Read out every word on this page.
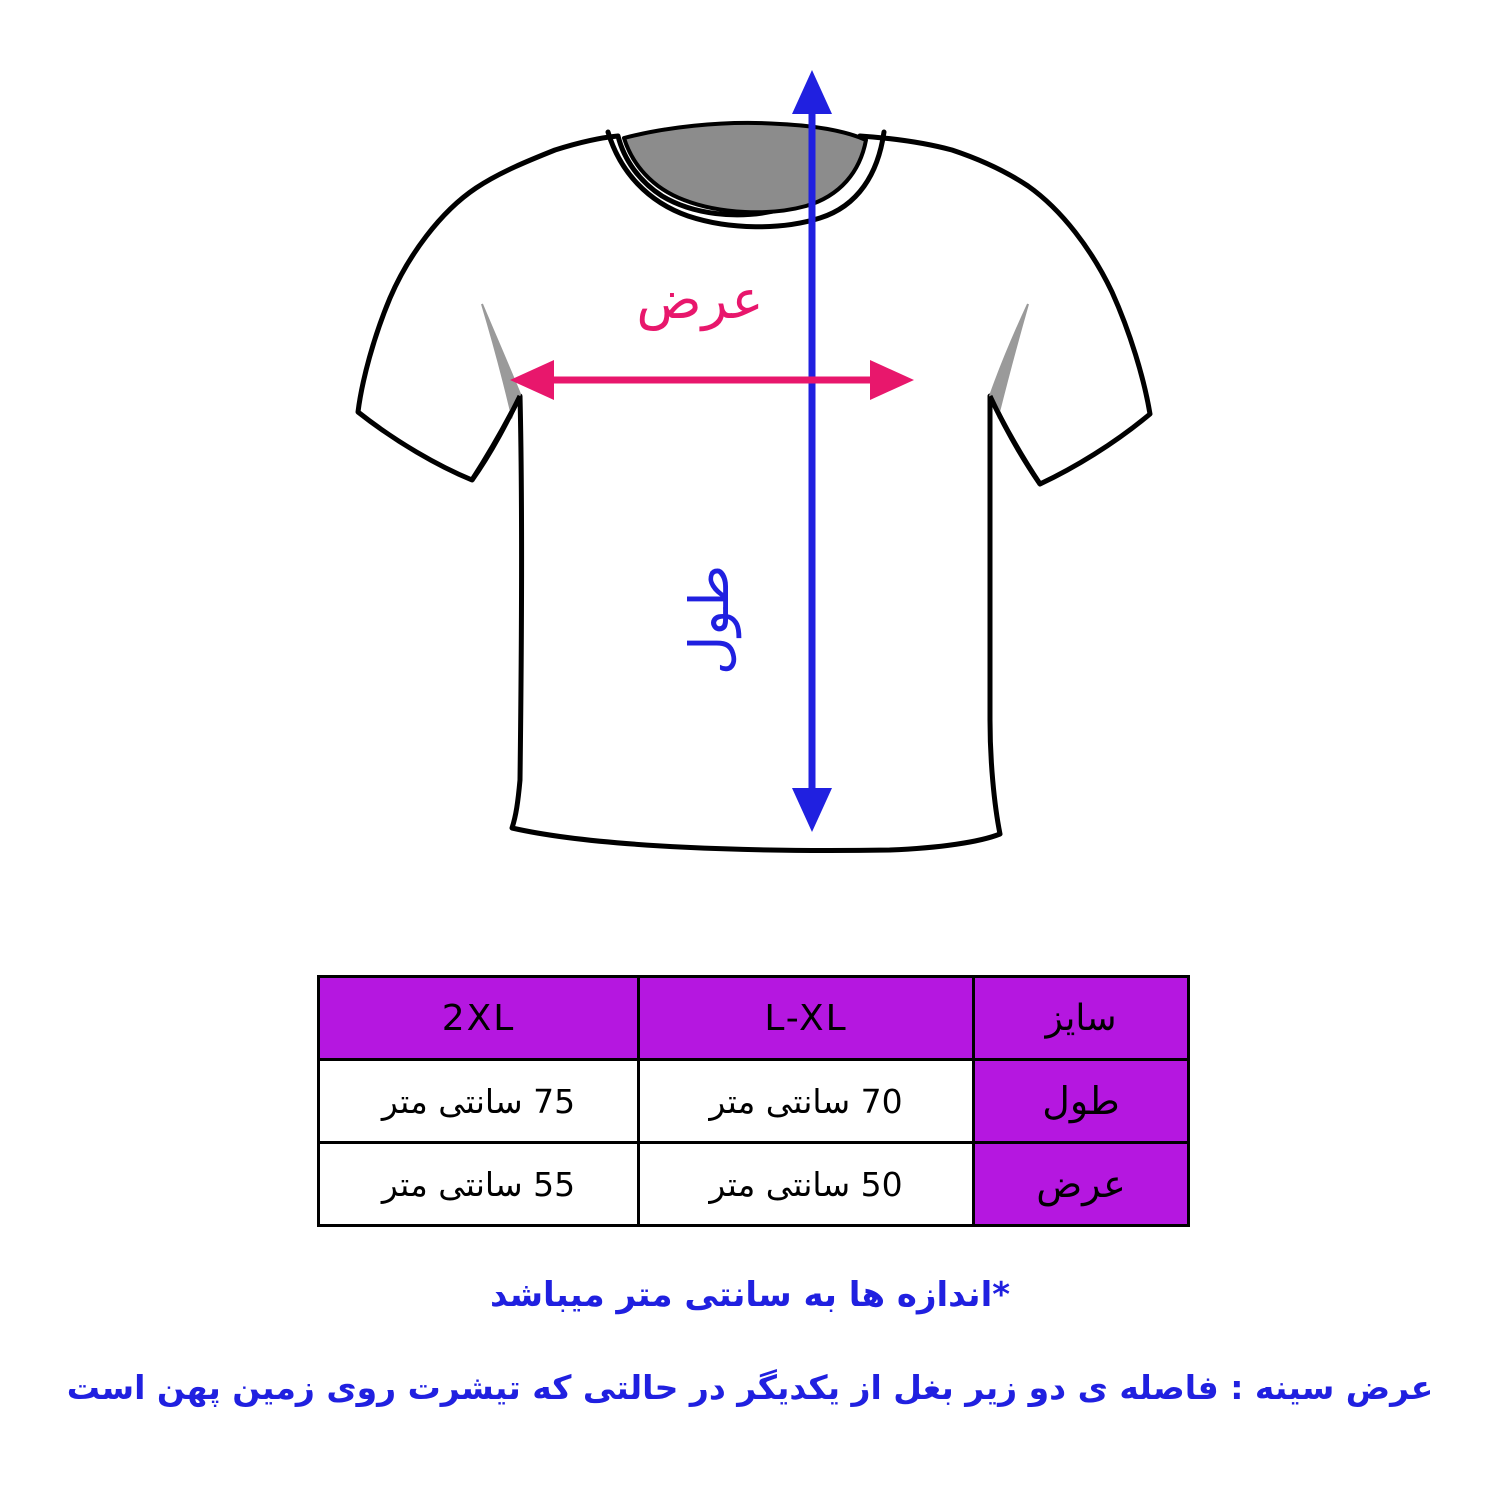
عرض
طول
سایز	L-XL	2XL
طول	70 سانتی متر	75 سانتی متر
عرض	50 سانتی متر	55 سانتی متر

*اندازه ها به سانتی متر میباشد

عرض سینه : فاصله ی دو زیر بغل از یکدیگر در حالتی که تیشرت روی زمین پهن است
